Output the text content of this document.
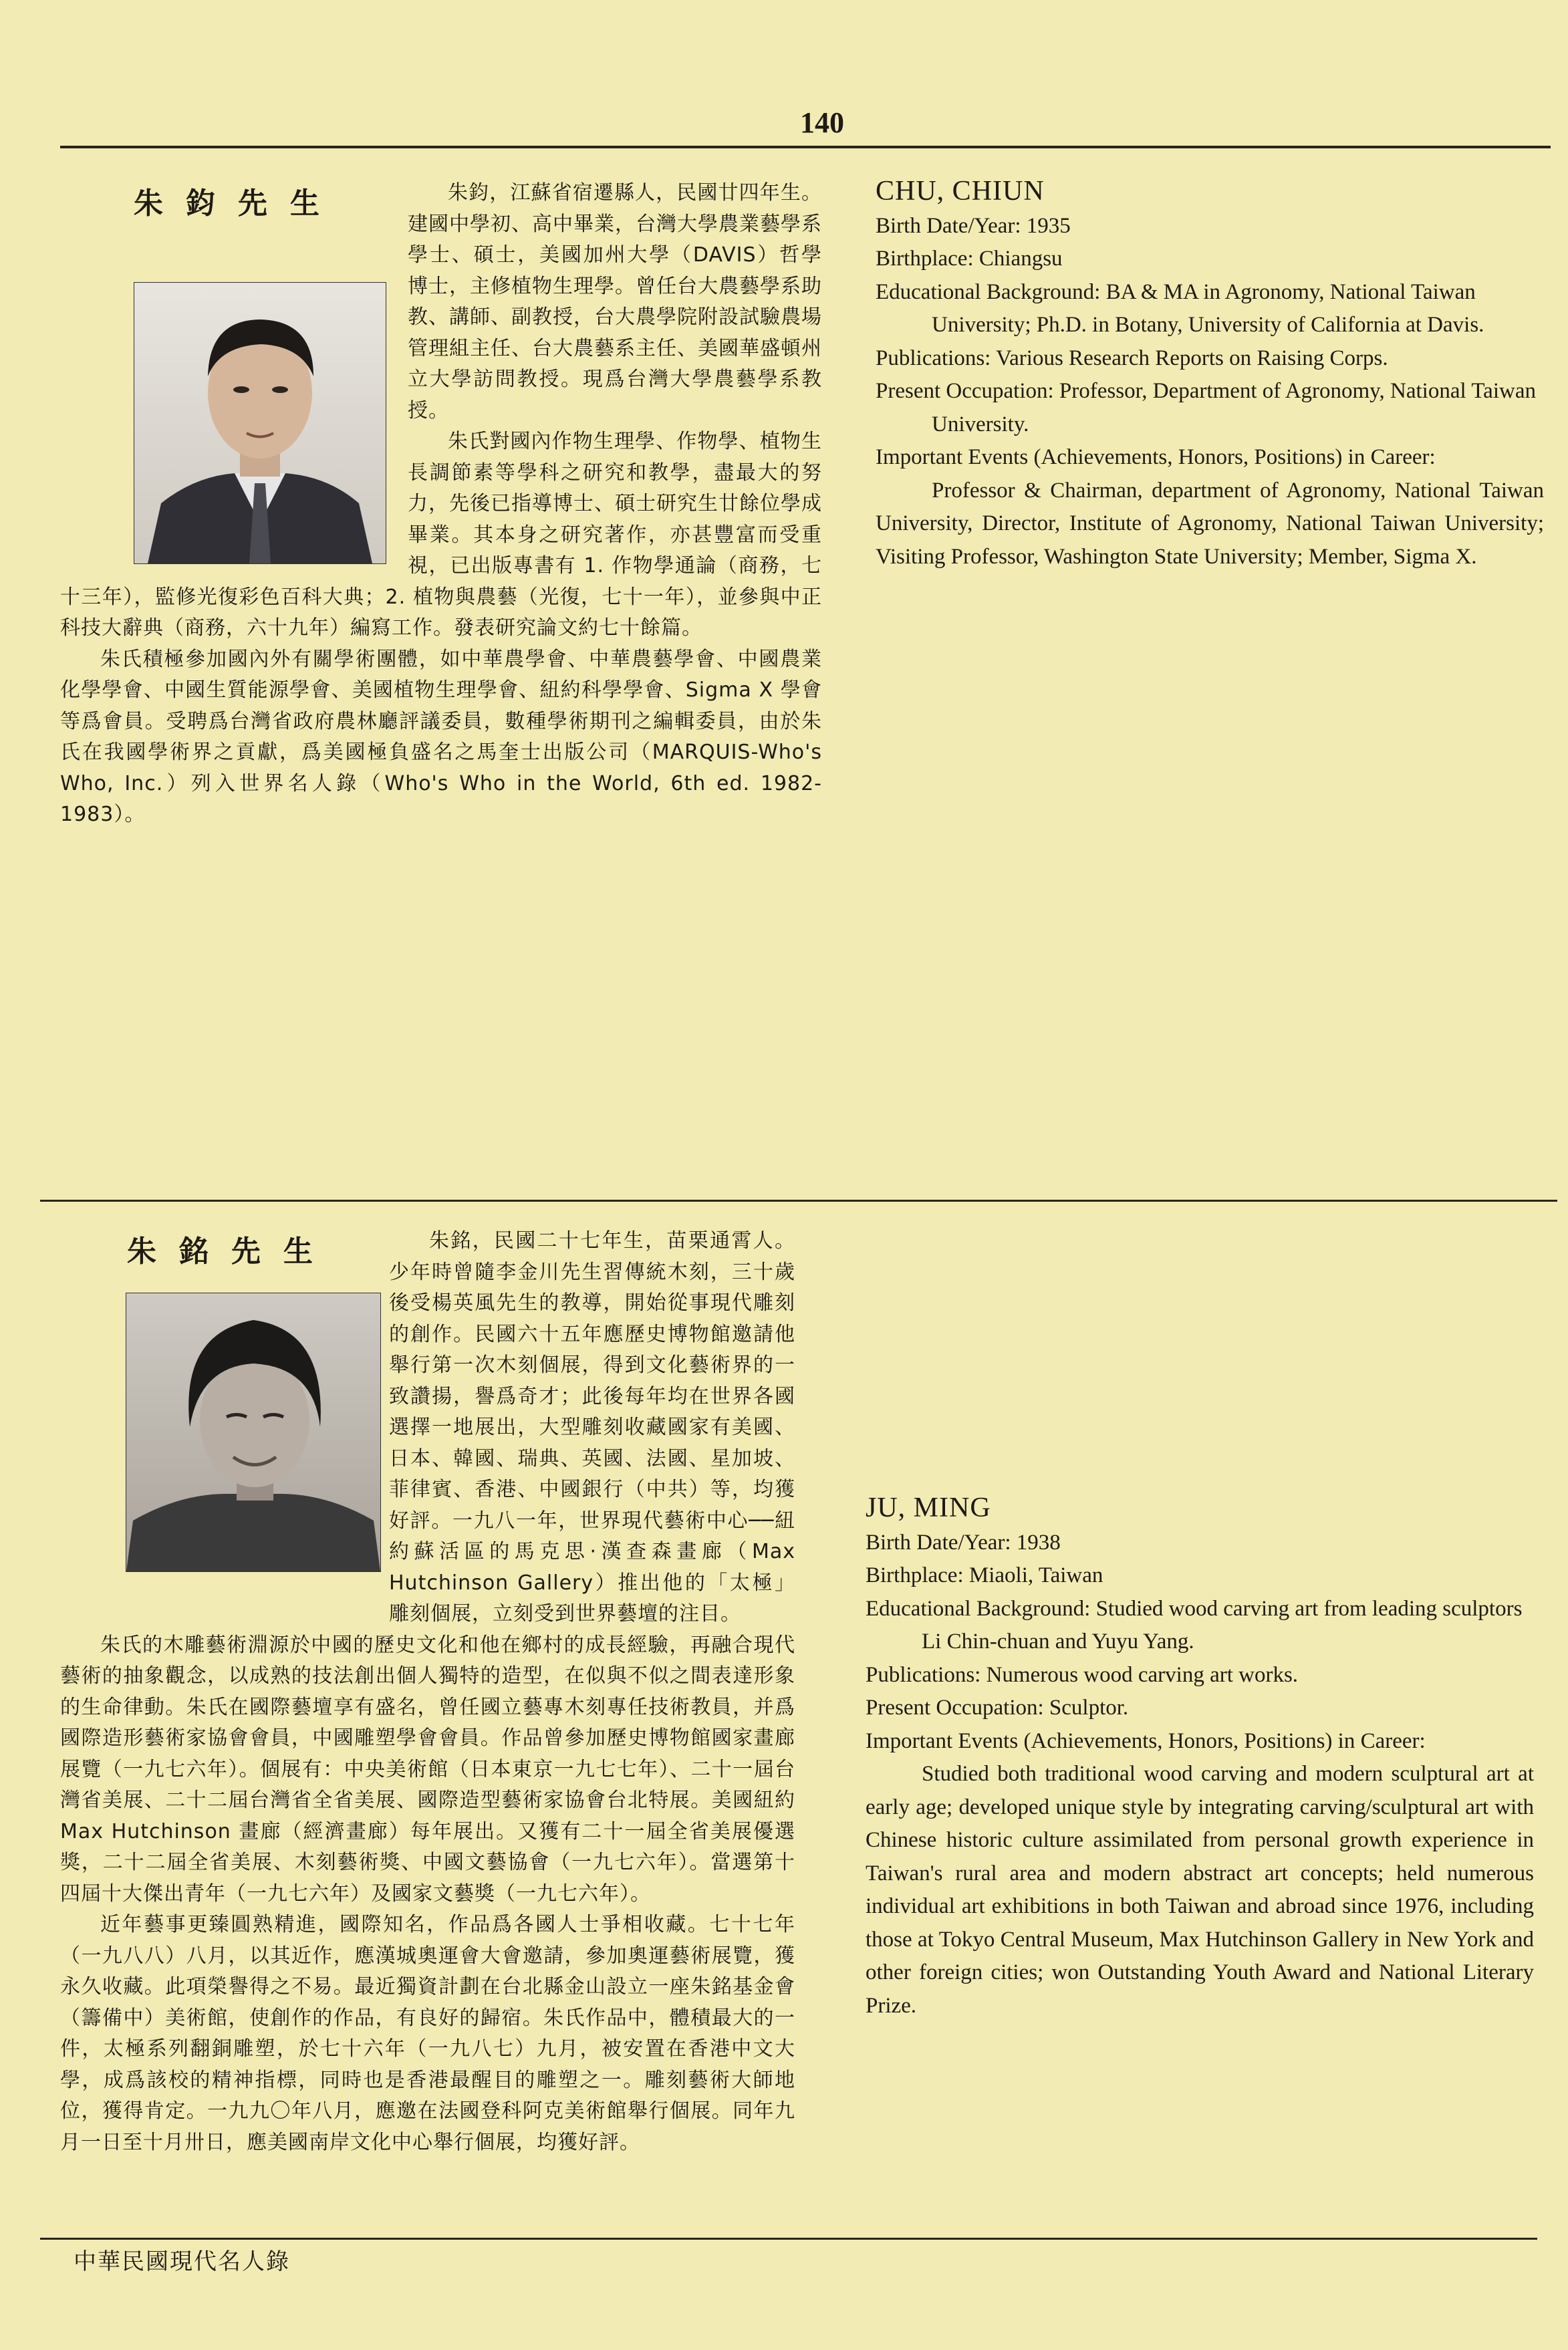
140
朱鈞先生	朱鈞，江蘇省宿遷縣人，民國廿四年生。建國中學初、高中畢業，台灣大學農業藝學系學士、碩士，美國加州大學（DAVIS）哲學博士，主修植物生理學。曾任台大農藝學系助教、講師、副教授，台大農學院附設試驗農場管理組主任、台大農藝系主任、美國華盛頓州立大學訪問教授。現爲台灣大學農藝學系教授。

朱氏對國內作物生理學、作物學、植物生長調節素等學科之研究和教學，盡最大的努力，先後已指導博士、碩士研究生廿餘位學成畢業。其本身之研究著作，亦甚豐富而受重視，已出版專書有 1. 作物學通論（商務，七十三年），監修光復彩色百科大典；2. 植物與農藝（光復，七十一年），並參與中正科技大辭典（商務，六十九年）編寫工作。發表研究論文約七十餘篇。

朱氏積極參加國內外有關學術團體，如中華農學會、中華農藝學會、中國農業化學學會、中國生質能源學會、美國植物生理學會、紐約科學學會、Sigma X 學會等爲會員。受聘爲台灣省政府農林廳評議委員，數種學術期刊之編輯委員，由於朱氏在我國學術界之貢獻，爲美國極負盛名之馬奎士出版公司（MARQUIS-Who's Who, Inc.）列入世界名人錄（Who's Who in the World, 6th ed. 1982-1983）。

CHU, CHIUN

Birth Date/Year: 1935

Birthplace: Chiangsu

Educational Background: BA & MA in Agronomy, National Taiwan University; Ph.D. in Botany, University of California at Davis.

Publications: Various Research Reports on Raising Corps.

Present Occupation: Professor, Department of Agronomy, National Taiwan University.

Important Events (Achievements, Honors, Positions) in Career:

Professor & Chairman, department of Agronomy, National Taiwan University, Director, Institute of Agronomy, National Taiwan University; Visiting Professor, Washington State University; Member, Sigma X.

朱銘先生	朱銘，民國二十七年生，苗栗通霄人。少年時曾隨李金川先生習傳統木刻，三十歲後受楊英風先生的教導，開始從事現代雕刻的創作。民國六十五年應歷史博物館邀請他舉行第一次木刻個展，得到文化藝術界的一致讚揚，譽爲奇才；此後每年均在世界各國選擇一地展出，大型雕刻收藏國家有美國、日本、韓國、瑞典、英國、法國、星加坡、菲律賓、香港、中國銀行（中共）等，均獲好評。一九八一年，世界現代藝術中心──紐約蘇活區的馬克思·漢查森畫廊（Max Hutchinson Gallery）推出他的「太極」雕刻個展，立刻受到世界藝壇的注目。

朱氏的木雕藝術淵源於中國的歷史文化和他在鄉村的成長經驗，再融合現代藝術的抽象觀念，以成熟的技法創出個人獨特的造型，在似與不似之間表達形象的生命律動。朱氏在國際藝壇享有盛名，曾任國立藝專木刻專任技術教員，并爲國際造形藝術家協會會員，中國雕塑學會會員。作品曾參加歷史博物館國家畫廊展覽（一九七六年）。個展有：中央美術館（日本東京一九七七年）、二十一屆台灣省美展、二十二屆台灣省全省美展、國際造型藝術家協會台北特展。美國紐約 Max Hutchinson 畫廊（經濟畫廊）每年展出。又獲有二十一屆全省美展優選獎，二十二屆全省美展、木刻藝術獎、中國文藝協會（一九七六年）。當選第十四屆十大傑出青年（一九七六年）及國家文藝獎（一九七六年）。

近年藝事更臻圓熟精進，國際知名，作品爲各國人士爭相收藏。七十七年（一九八八）八月，以其近作，應漢城奧運會大會邀請，參加奧運藝術展覽，獲永久收藏。此項榮譽得之不易。最近獨資計劃在台北縣金山設立一座朱銘基金會（籌備中）美術館，使創作的作品，有良好的歸宿。朱氏作品中，體積最大的一件，太極系列翻銅雕塑，於七十六年（一九八七）九月，被安置在香港中文大學，成爲該校的精神指標，同時也是香港最醒目的雕塑之一。雕刻藝術大師地位，獲得肯定。一九九〇年八月，應邀在法國登科阿克美術館舉行個展。同年九月一日至十月卅日，應美國南岸文化中心舉行個展，均獲好評。

JU, MING

Birth Date/Year: 1938

Birthplace: Miaoli, Taiwan

Educational Background: Studied wood carving art from leading sculptors Li Chin-chuan and Yuyu Yang.

Publications: Numerous wood carving art works.

Present Occupation: Sculptor.

Important Events (Achievements, Honors, Positions) in Career:

Studied both traditional wood carving and modern sculptural art at early age; developed unique style by integrating carving/sculptural art with Chinese historic culture assimilated from personal growth experience in Taiwan's rural area and modern abstract art concepts; held numerous individual art exhibitions in both Taiwan and abroad since 1976, including those at Tokyo Central Museum, Max Hutchinson Gallery in New York and other foreign cities; won Outstanding Youth Award and National Literary Prize.

中華民國現代名人錄
